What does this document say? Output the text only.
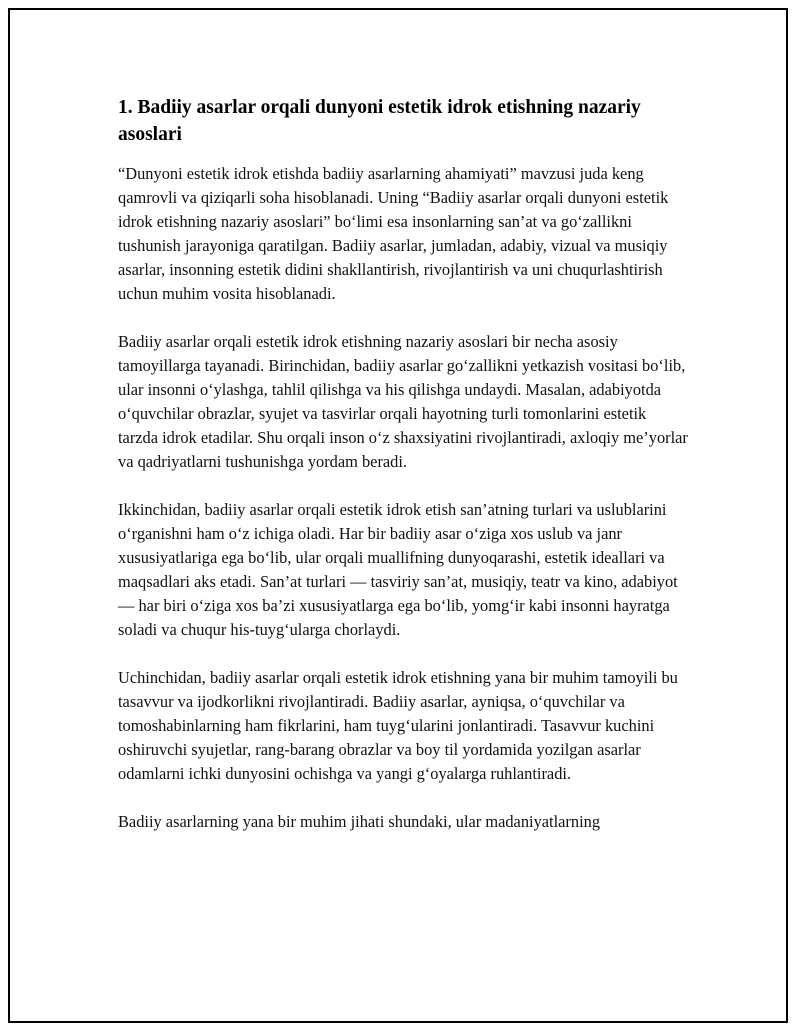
1. Badiiy asarlar orqali dunyoni estetik idrok etishning nazariy asoslari

“Dunyoni estetik idrok etishda badiiy asarlarning ahamiyati” mavzusi juda keng qamrovli va qiziqarli soha hisoblanadi. Uning “Badiiy asarlar orqali dunyoni estetik idrok etishning nazariy asoslari” bo‘limi esa insonlarning san’at va go‘zallikni tushunish jarayoniga qaratilgan. Badiiy asarlar, jumladan, adabiy, vizual va musiqiy asarlar, insonning estetik didini shakllantirish, rivojlantirish va uni chuqurlashtirish uchun muhim vosita hisoblanadi.

Badiiy asarlar orqali estetik idrok etishning nazariy asoslari bir necha asosiy tamoyillarga tayanadi. Birinchidan, badiiy asarlar go‘zallikni yetkazish vositasi bo‘lib, ular insonni o‘ylashga, tahlil qilishga va his qilishga undaydi. Masalan, adabiyotda o‘quvchilar obrazlar, syujet va tasvirlar orqali hayotning turli tomonlarini estetik tarzda idrok etadilar. Shu orqali inson o‘z shaxsiyatini rivojlantiradi, axloqiy me’yorlar va qadriyatlarni tushunishga yordam beradi.

Ikkinchidan, badiiy asarlar orqali estetik idrok etish san’atning turlari va uslublarini o‘rganishni ham o‘z ichiga oladi. Har bir badiiy asar o‘ziga xos uslub va janr xususiyatlariga ega bo‘lib, ular orqali muallifning dunyoqarashi, estetik ideallari va maqsadlari aks etadi. San’at turlari — tasviriy san’at, musiqiy, teatr va kino, adabiyot — har biri o‘ziga xos ba’zi xususiyatlarga ega bo‘lib, yomg‘ir kabi insonni hayratga soladi va chuqur his-tuyg‘ularga chorlaydi.

Uchinchidan, badiiy asarlar orqali estetik idrok etishning yana bir muhim tamoyili bu tasavvur va ijodkorlikni rivojlantiradi. Badiiy asarlar, ayniqsa, o‘quvchilar va tomoshabinlarning ham fikrlarini, ham tuyg‘ularini jonlantiradi. Tasavvur kuchini oshiruvchi syujetlar, rang-barang obrazlar va boy til yordamida yozilgan asarlar odamlarni ichki dunyosini ochishga va yangi g‘oyalarga ruhlantiradi.

Badiiy asarlarning yana bir muhim jihati shundaki, ular madaniyatlarning
